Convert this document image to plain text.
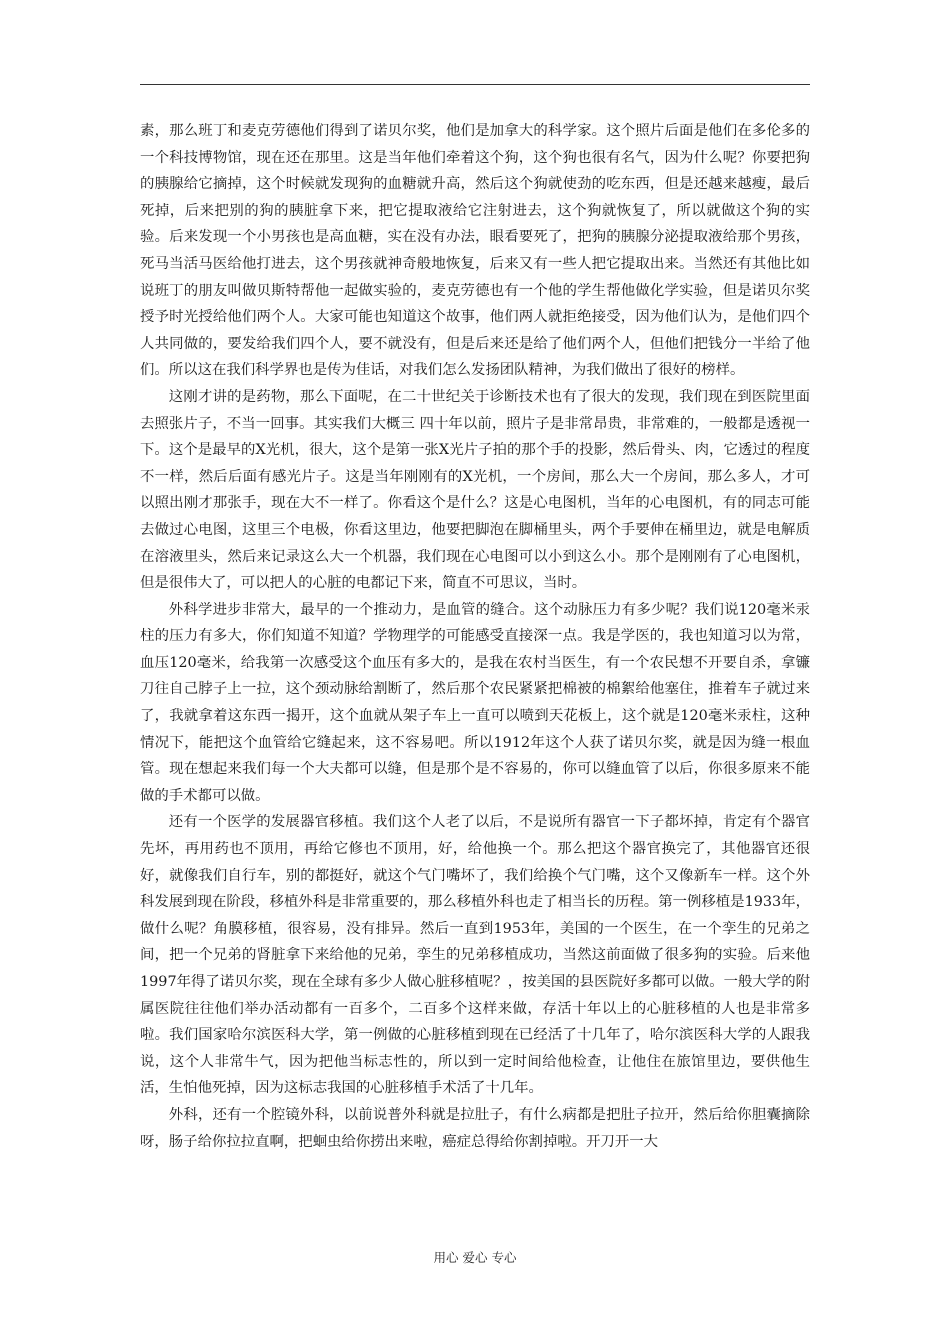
素，那么班丁和麦克劳德他们得到了诺贝尔奖，他们是加拿大的科学家。这个照片后面是他们在多伦多的一个科技博物馆，现在还在那里。这是当年他们牵着这个狗，这个狗也很有名气，因为什么呢？你要把狗的胰腺给它摘掉，这个时候就发现狗的血糖就升高，然后这个狗就使劲的吃东西，但是还越来越瘦，最后死掉，后来把别的狗的胰脏拿下来，把它提取液给它注射进去，这个狗就恢复了，所以就做这个狗的实验。后来发现一个小男孩也是高血糖，实在没有办法，眼看要死了，把狗的胰腺分泌提取液给那个男孩，死马当活马医给他打进去，这个男孩就神奇般地恢复，后来又有一些人把它提取出来。当然还有其他比如说班丁的朋友叫做贝斯特帮他一起做实验的，麦克劳德也有一个他的学生帮他做化学实验，但是诺贝尔奖授予时光授给他们两个人。大家可能也知道这个故事，他们两人就拒绝接受，因为他们认为，是他们四个人共同做的，要发给我们四个人，要不就没有，但是后来还是给了他们两个人，但他们把钱分一半给了他们。所以这在我们科学界也是传为佳话，对我们怎么发扬团队精神，为我们做出了很好的榜样。

这刚才讲的是药物，那么下面呢，在二十世纪关于诊断技术也有了很大的发现，我们现在到医院里面去照张片子，不当一回事。其实我们大概三 四十年以前，照片子是非常昂贵，非常难的，一般都是透视一下。这个是最早的X光机，很大，这个是第一张X光片子拍的那个手的投影，然后骨头、肉，它透过的程度不一样，然后后面有感光片子。这是当年刚刚有的X光机，一个房间，那么大一个房间，那么多人，才可以照出刚才那张手，现在大不一样了。你看这个是什么？这是心电图机，当年的心电图机，有的同志可能去做过心电图，这里三个电极，你看这里边，他要把脚泡在脚桶里头，两个手要伸在桶里边，就是电解质在溶液里头，然后来记录这么大一个机器，我们现在心电图可以小到这么小。那个是刚刚有了心电图机，但是很伟大了，可以把人的心脏的电都记下来，简直不可思议，当时。

外科学进步非常大，最早的一个推动力，是血管的缝合。这个动脉压力有多少呢？我们说120毫米汞柱的压力有多大，你们知道不知道？学物理学的可能感受直接深一点。我是学医的，我也知道习以为常，血压120毫米，给我第一次感受这个血压有多大的，是我在农村当医生，有一个农民想不开要自杀，拿镰刀往自己脖子上一拉，这个颈动脉给割断了，然后那个农民紧紧把棉被的棉絮给他塞住，推着车子就过来了，我就拿着这东西一揭开，这个血就从架子车上一直可以喷到天花板上，这个就是120毫米汞柱，这种情况下，能把这个血管给它缝起来，这不容易吧。所以1912年这个人获了诺贝尔奖，就是因为缝一根血管。现在想起来我们每一个大夫都可以缝，但是那个是不容易的，你可以缝血管了以后，你很多原来不能做的手术都可以做。

还有一个医学的发展器官移植。我们这个人老了以后，不是说所有器官一下子都坏掉，肯定有个器官先坏，再用药也不顶用，再给它修也不顶用，好，给他换一个。那么把这个器官换完了，其他器官还很好，就像我们自行车，别的都挺好，就这个气门嘴坏了，我们给换个气门嘴，这个又像新车一样。这个外科发展到现在阶段，移植外科是非常重要的，那么移植外科也走了相当长的历程。第一例移植是1933年，做什么呢？角膜移植，很容易，没有排异。然后一直到1953年，美国的一个医生，在一个孪生的兄弟之间，把一个兄弟的肾脏拿下来给他的兄弟，孪生的兄弟移植成功，当然这前面做了很多狗的实验。后来他1997年得了诺贝尔奖，现在全球有多少人做心脏移植呢？，按美国的县医院好多都可以做。一般大学的附属医院往往他们举办活动都有一百多个，二百多个这样来做，存活十年以上的心脏移植的人也是非常多啦。我们国家哈尔滨医科大学，第一例做的心脏移植到现在已经活了十几年了，哈尔滨医科大学的人跟我说，这个人非常牛气，因为把他当标志性的，所以到一定时间给他检查，让他住在旅馆里边，要供他生活，生怕他死掉，因为这标志我国的心脏移植手术活了十几年。

外科，还有一个腔镜外科，以前说普外科就是拉肚子，有什么病都是把肚子拉开，然后给你胆囊摘除呀，肠子给你拉拉直啊，把蛔虫给你捞出来啦，癌症总得给你割掉啦。开刀开一大

用心 爱心 专心
